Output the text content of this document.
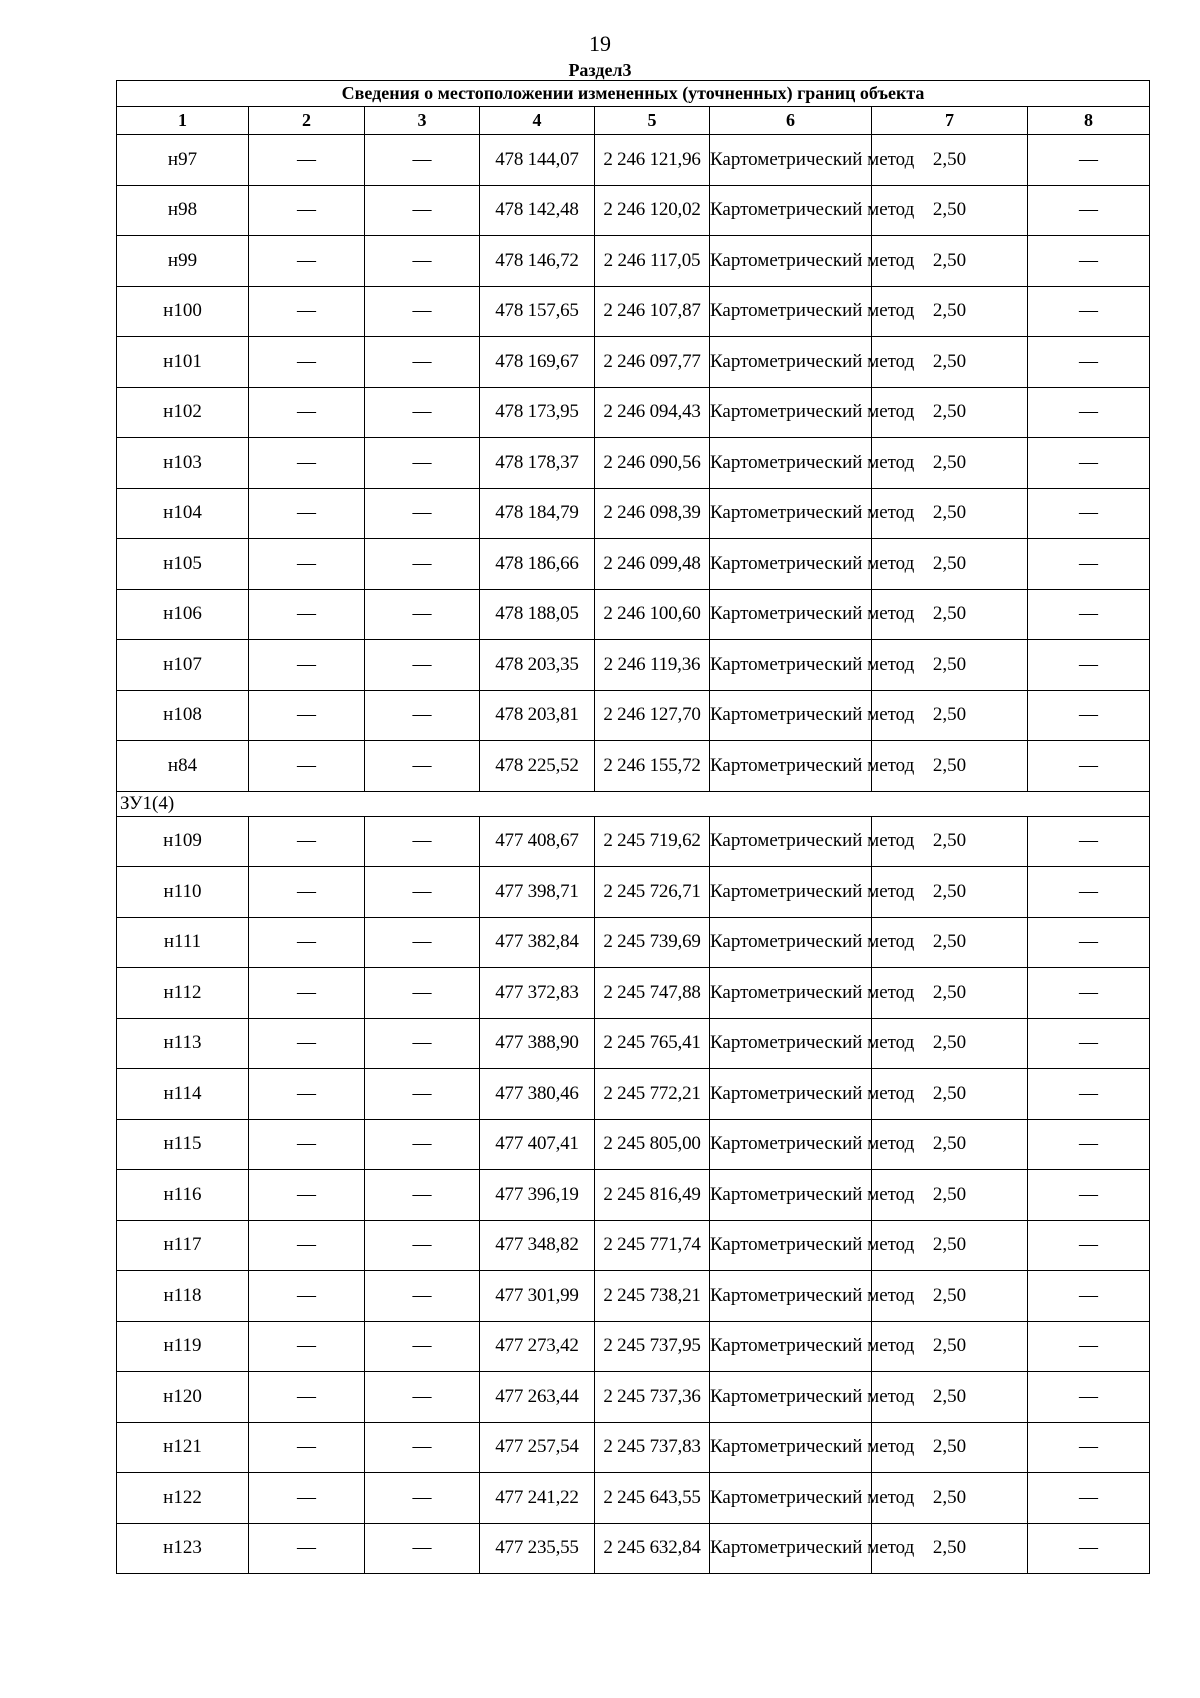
19
Раздел3
Сведения о местоположении измененных (уточненных) границ объекта							
1	2	3	4	5	6	7	8
н97	—	—	478 144,07	2 246 121,96	Картометрический метод	2,50	—
н98	—	—	478 142,48	2 246 120,02	Картометрический метод	2,50	—
н99	—	—	478 146,72	2 246 117,05	Картометрический метод	2,50	—
н100	—	—	478 157,65	2 246 107,87	Картометрический метод	2,50	—
н101	—	—	478 169,67	2 246 097,77	Картометрический метод	2,50	—
н102	—	—	478 173,95	2 246 094,43	Картометрический метод	2,50	—
н103	—	—	478 178,37	2 246 090,56	Картометрический метод	2,50	—
н104	—	—	478 184,79	2 246 098,39	Картометрический метод	2,50	—
н105	—	—	478 186,66	2 246 099,48	Картометрический метод	2,50	—
н106	—	—	478 188,05	2 246 100,60	Картометрический метод	2,50	—
н107	—	—	478 203,35	2 246 119,36	Картометрический метод	2,50	—
н108	—	—	478 203,81	2 246 127,70	Картометрический метод	2,50	—
н84	—	—	478 225,52	2 246 155,72	Картометрический метод	2,50	—
ЗУ1(4)							
н109	—	—	477 408,67	2 245 719,62	Картометрический метод	2,50	—
н110	—	—	477 398,71	2 245 726,71	Картометрический метод	2,50	—
н111	—	—	477 382,84	2 245 739,69	Картометрический метод	2,50	—
н112	—	—	477 372,83	2 245 747,88	Картометрический метод	2,50	—
н113	—	—	477 388,90	2 245 765,41	Картометрический метод	2,50	—
н114	—	—	477 380,46	2 245 772,21	Картометрический метод	2,50	—
н115	—	—	477 407,41	2 245 805,00	Картометрический метод	2,50	—
н116	—	—	477 396,19	2 245 816,49	Картометрический метод	2,50	—
н117	—	—	477 348,82	2 245 771,74	Картометрический метод	2,50	—
н118	—	—	477 301,99	2 245 738,21	Картометрический метод	2,50	—
н119	—	—	477 273,42	2 245 737,95	Картометрический метод	2,50	—
н120	—	—	477 263,44	2 245 737,36	Картометрический метод	2,50	—
н121	—	—	477 257,54	2 245 737,83	Картометрический метод	2,50	—
н122	—	—	477 241,22	2 245 643,55	Картометрический метод	2,50	—
н123	—	—	477 235,55	2 245 632,84	Картометрический метод	2,50	—
